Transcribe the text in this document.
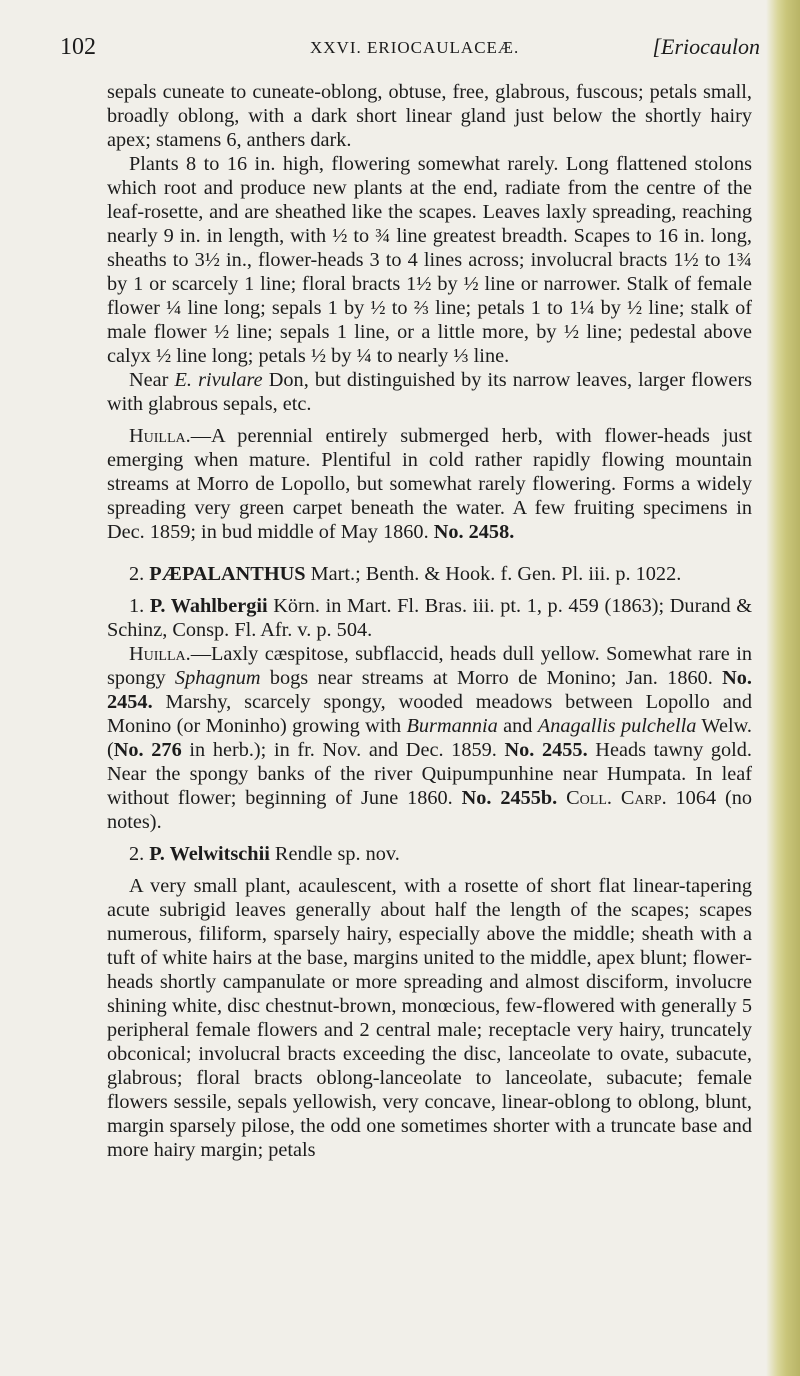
102	XXVI. ERIOCAULACEÆ.	[Eriocaulon

sepals cuneate to cuneate-oblong, obtuse, free, glabrous, fuscous; petals small, broadly oblong, with a dark short linear gland just below the shortly hairy apex; stamens 6, anthers dark.

Plants 8 to 16 in. high, flowering somewhat rarely. Long flattened stolons which root and produce new plants at the end, radiate from the centre of the leaf-rosette, and are sheathed like the scapes. Leaves laxly spreading, reaching nearly 9 in. in length, with ½ to ¾ line greatest breadth. Scapes to 16 in. long, sheaths to 3½ in., flower-heads 3 to 4 lines across; involucral bracts 1½ to 1¾ by 1 or scarcely 1 line; floral bracts 1½ by ½ line or narrower. Stalk of female flower ¼ line long; sepals 1 by ½ to ⅔ line; petals 1 to 1¼ by ½ line; stalk of male flower ½ line; sepals 1 line, or a little more, by ½ line; pedestal above calyx ½ line long; petals ½ by ¼ to nearly ⅓ line.

Near E. rivulare Don, but distinguished by its narrow leaves, larger flowers with glabrous sepals, etc.

Huilla.—A perennial entirely submerged herb, with flower-heads just emerging when mature. Plentiful in cold rather rapidly flowing mountain streams at Morro de Lopollo, but somewhat rarely flowering. Forms a widely spreading very green carpet beneath the water. A few fruiting specimens in Dec. 1859; in bud middle of May 1860. No. 2458.

2. PÆPALANTHUS Mart.; Benth. & Hook. f. Gen. Pl. iii. p. 1022.

1. P. Wahlbergii Körn. in Mart. Fl. Bras. iii. pt. 1, p. 459 (1863); Durand & Schinz, Consp. Fl. Afr. v. p. 504.

Huilla.—Laxly cæspitose, subflaccid, heads dull yellow. Somewhat rare in spongy Sphagnum bogs near streams at Morro de Monino; Jan. 1860. No. 2454. Marshy, scarcely spongy, wooded meadows between Lopollo and Monino (or Moninho) growing with Burmannia and Anagallis pulchella Welw. (No. 276 in herb.); in fr. Nov. and Dec. 1859. No. 2455. Heads tawny gold. Near the spongy banks of the river Quipumpunhine near Humpata. In leaf without flower; beginning of June 1860. No. 2455b. Coll. Carp. 1064 (no notes).

2. P. Welwitschii Rendle sp. nov.

A very small plant, acaulescent, with a rosette of short flat linear-tapering acute subrigid leaves generally about half the length of the scapes; scapes numerous, filiform, sparsely hairy, especially above the middle; sheath with a tuft of white hairs at the base, margins united to the middle, apex blunt; flower-heads shortly campanulate or more spreading and almost disciform, involucre shining white, disc chestnut-brown, monœcious, few-flowered with generally 5 peripheral female flowers and 2 central male; receptacle very hairy, truncately obconical; involucral bracts exceeding the disc, lanceolate to ovate, subacute, glabrous; floral bracts oblong-lanceolate to lanceolate, subacute; female flowers sessile, sepals yellowish, very concave, linear-oblong to oblong, blunt, margin sparsely pilose, the odd one sometimes shorter with a truncate base and more hairy margin; petals
